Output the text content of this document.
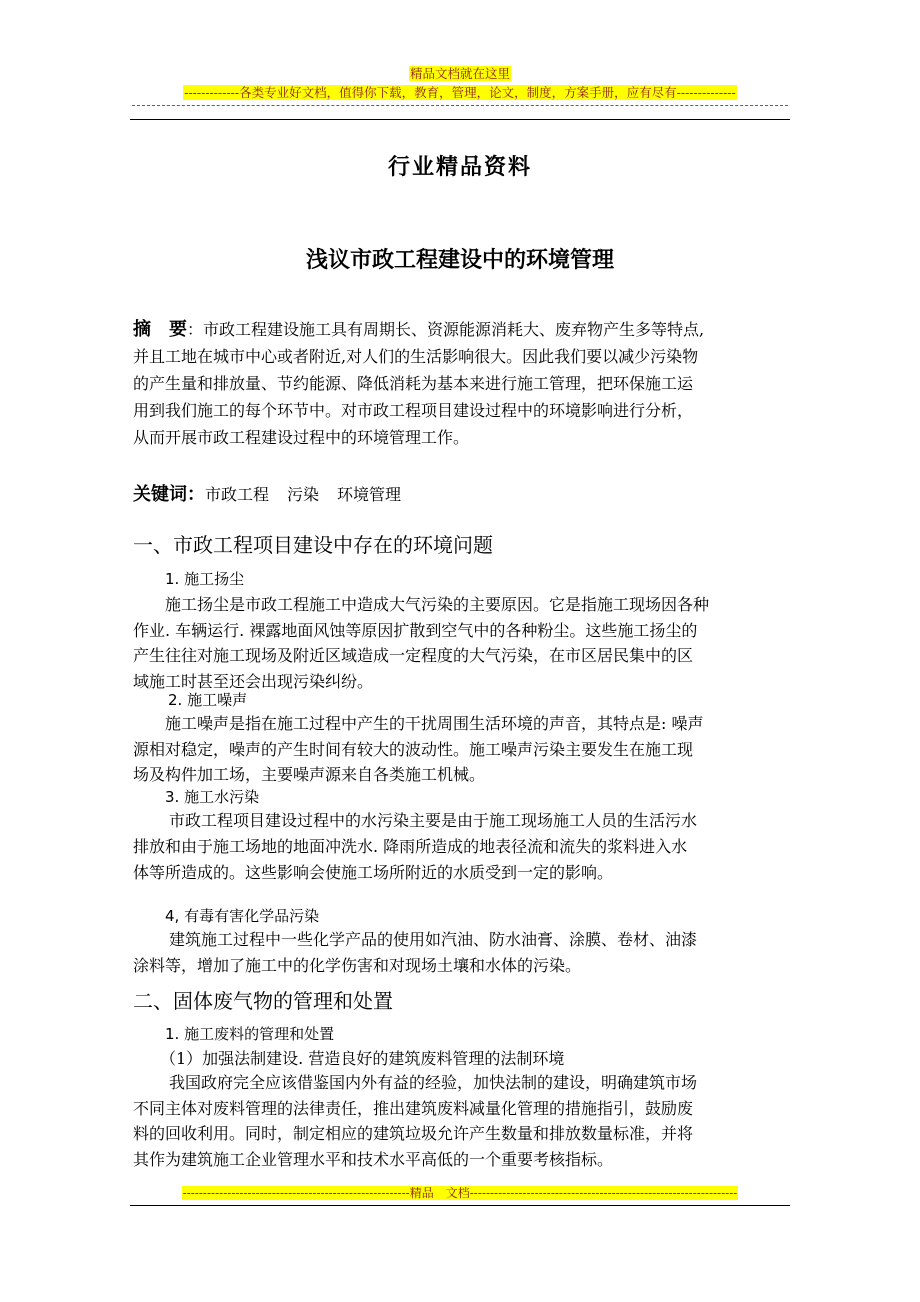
精品文档就在这里
-------------各类专业好文档，值得你下载，教育，管理，论文，制度，方案手册，应有尽有--------------
行业精品资料
浅议市政工程建设中的环境管理
摘　要：市政工程建设施工具有周期长、资源能源消耗大、废弃物产生多等特点,
并且工地在城市中心或者附近,对人们的生活影响很大。因此我们要以减少污染物
的产生量和排放量、节约能源、降低消耗为基本来进行施工管理，把环保施工运
用到我们施工的每个环节中。对市政工程项目建设过程中的环境影响进行分析，
从而开展市政工程建设过程中的环境管理工作。
关键词：市政工程 污染 环境管理
一、市政工程项目建设中存在的环境问题
1. 施工扬尘
施工扬尘是市政工程施工中造成大气污染的主要原因。它是指施工现场因各种
作业. 车辆运行. 裸露地面风蚀等原因扩散到空气中的各种粉尘。这些施工扬尘的
产生往往对施工现场及附近区域造成一定程度的大气污染，在市区居民集中的区
域施工时甚至还会出现污染纠纷。
2. 施工噪声
施工噪声是指在施工过程中产生的干扰周围生活环境的声音，其特点是: 噪声
源相对稳定，噪声的产生时间有较大的波动性。施工噪声污染主要发生在施工现
场及构件加工场，主要噪声源来自各类施工机械。
3. 施工水污染
市政工程项目建设过程中的水污染主要是由于施工现场施工人员的生活污水
排放和由于施工场地的地面冲洗水. 降雨所造成的地表径流和流失的浆料进入水
体等所造成的。这些影响会使施工场所附近的水质受到一定的影响。
4, 有毒有害化学品污染
建筑施工过程中一些化学产品的使用如汽油、防水油膏、涂膜、卷材、油漆
涂料等，增加了施工中的化学伤害和对现场土壤和水体的污染。
二、固体废气物的管理和处置
1. 施工废料的管理和处置
（1）加强法制建设. 营造良好的建筑废料管理的法制环境
我国政府完全应该借鉴国内外有益的经验，加快法制的建设，明确建筑市场
不同主体对废料管理的法律责任，推出建筑废料减量化管理的措施指引，鼓励废
料的回收利用。同时，制定相应的建筑垃圾允许产生数量和排放数量标准，并将
其作为建筑施工企业管理水平和技术水平高低的一个重要考核指标。
--------------------------------------------------------精品　文档------------------------------------------------------------------
